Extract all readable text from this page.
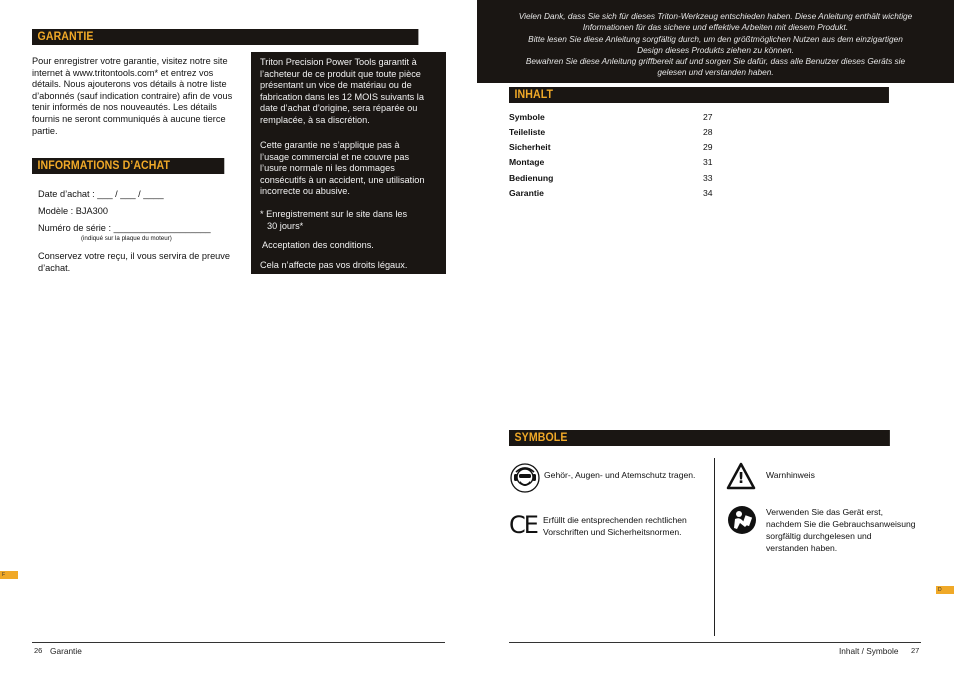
GARANTIE
Pour enregistrer votre garantie, visitez notre site
internet à www.tritontools.com* et entrez vos
détails. Nous ajouterons vos détails à notre liste
d’abonnés (sauf indication contraire) afin de vous
tenir informés de nos nouveautés. Les détails
fournis ne seront communiqués à aucune tierce
partie.
INFORMATIONS D’ACHAT
Date d’achat : ___ / ___ / ____
Modèle : BJA300
Numéro de série : ___________________
(indiqué sur la plaque du moteur)
Conservez votre reçu, il vous servira de preuve
d’achat.

Triton Precision Power Tools garantit à
l’acheteur de ce produit que toute pièce
présentant un vice de matériau ou de
fabrication dans les 12 MOIS suivants la
date d’achat d’origine, sera réparée ou
remplacée, à sa discrétion.

Cette garantie ne s’applique pas à
l’usage commercial et ne couvre pas
l’usure normale ni les dommages
consécutifs à un accident, une utilisation
incorrecte ou abusive.

* Enregistrement sur le site dans les
30 jours*

Acceptation des conditions.

Cela n’affecte pas vos droits légaux.

F
26 Garantie

Vielen Dank, dass Sie sich für dieses Triton-Werkzeug entschieden haben. Diese Anleitung enthält wichtige
Informationen für das sichere und effektive Arbeiten mit diesem Produkt.
Bitte lesen Sie diese Anleitung sorgfältig durch, um den größtmöglichen Nutzen aus dem einzigartigen
Design dieses Produkts ziehen zu können.
Bewahren Sie diese Anleitung griffbereit auf und sorgen Sie dafür, dass alle Benutzer dieses Geräts sie
gelesen und verstanden haben.

INHALT
Symbole	27
Teileliste	28
Sicherheit	29
Montage	31
Bedienung	33
Garantie	34
SYMBOLE
Gehör-, Augen- und Atemschutz tragen.
CE Erfüllt die entsprechenden rechtlichen
Vorschriften und Sicherheitsnormen.
!	Warnhinweis
Verwenden Sie das Gerät erst,
nachdem Sie die Gebrauchsanweisung
sorgfältig durchgelesen und
verstanden haben.
D
Inhalt / Symbole 27
